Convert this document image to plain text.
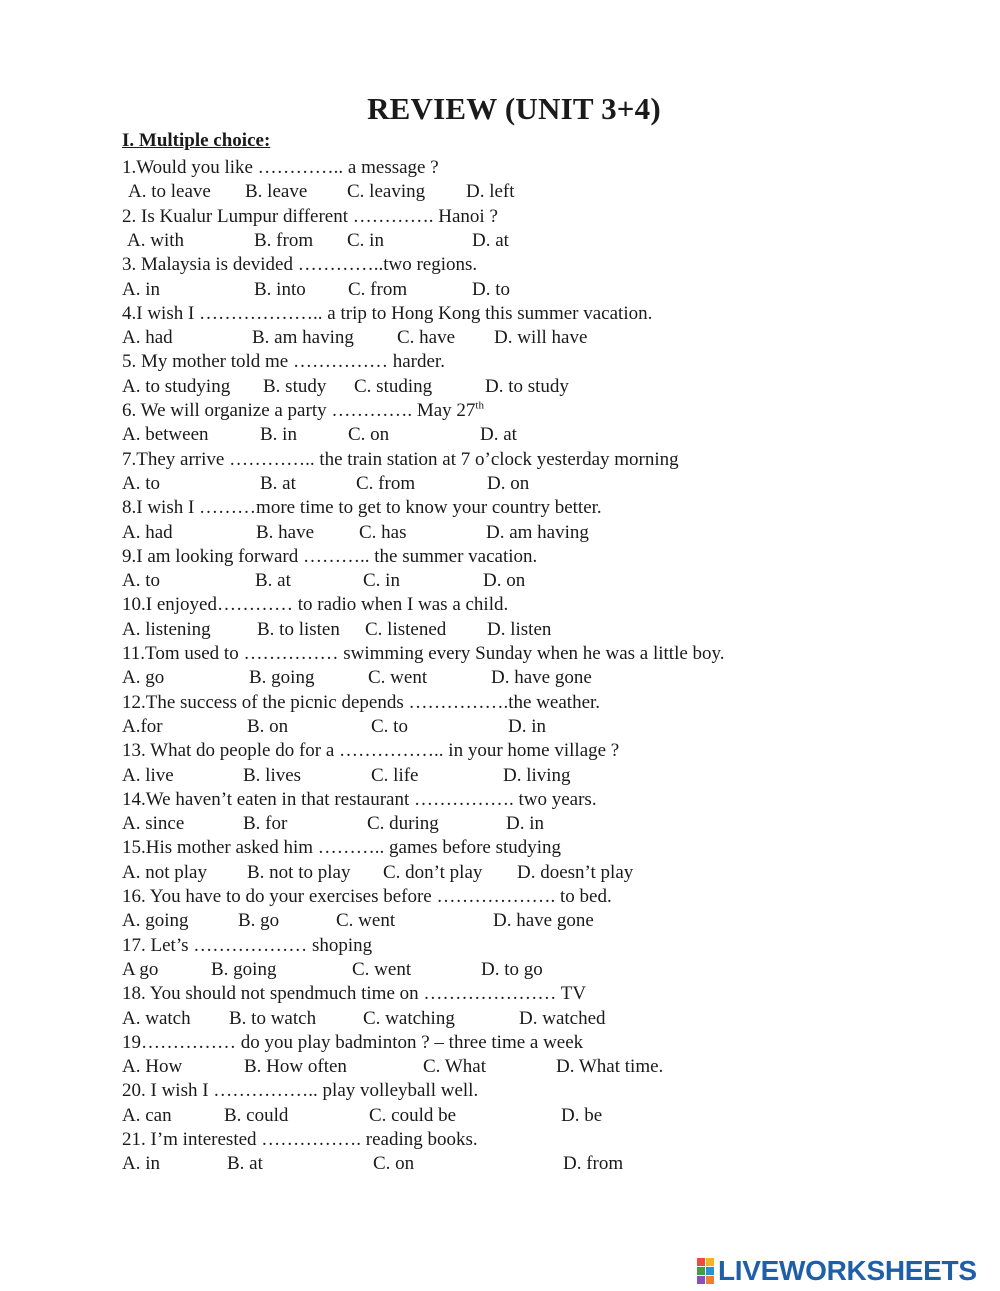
REVIEW (UNIT 3+4)
I. Multiple choice:
1.Would you like ………….. a message ?
A. to leave B. leave C. leaving D. left
2. Is Kualur Lumpur different …………. Hanoi ?
A. with	B. from C. in	D. at
3. Malaysia is devided …………..two regions.
A. in	B. into C. from	D. to
4.I wish I ……………….. a trip to Hong Kong this summer vacation.
A. had	B. am having C. have D. will have
5. My mother told me …………… harder.
A. to studying B. study C. studing	D. to study
6. We will organize a party …………. May 27th
A. between	B. in	C. on	D. at
7.They arrive ………….. the train station at 7 o’clock yesterday morning
A. to	B. at	C. from	D. on
8.I wish I ………more time to get to know your country better.
A. had	B. have C. has	D. am having
9.I am looking forward ……….. the summer vacation.
A. to	B. at	C. in	D. on
10.I enjoyed………… to radio when I was a child.
A. listening B. to listen C. listened D. listen
11.Tom used to …………… swimming every Sunday when he was a little boy.
A. go	B. going	C. went	D. have gone
12.The success of the picnic depends …………….the weather.
A.for	B. on	C. to	D. in
13. What do people do for a …………….. in your home village ?
A. live	B. lives	C. life	D. living
14.We haven’t eaten in that restaurant ……………. two years.
A. since	B. for	C. during	D. in
15.His mother asked him ……….. games before studying
A. not play B. not to play C. don’t play D. doesn’t play
16. You have to do your exercises before ………………. to bed.
A. going	B. go	C. went	D. have gone
17. Let’s ……………… shoping
A go	B. going	C. went	D. to go
18. You should not spendmuch time on ………………… TV
A. watch B. to watch C. watching	D. watched
19…………… do you play badminton ? – three time a week
A. How	B. How often	C. What	D. What time.
20. I wish I …………….. play volleyball well.
A. can	B. could	C. could be	D. be
21. I’m interested ……………. reading books.
A. in	B. at	C. on	D. from
LIVEWORKSHEETS
